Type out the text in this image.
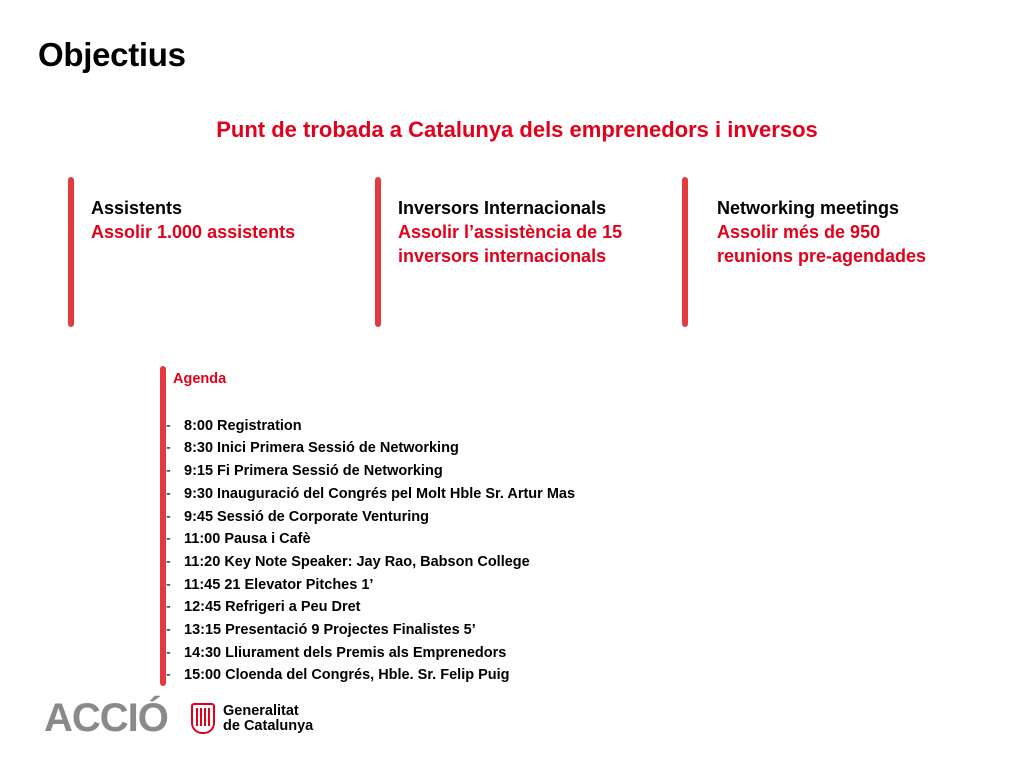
Objectius
Punt de trobada a Catalunya dels emprenedors i inversos
Assistents
Assolir 1.000 assistents
Inversors Internacionals
Assolir l’assistència de 15
inversors internacionals
Networking meetings
Assolir més de 950
reunions pre-agendades
Agenda
- 8:00 Registration
- 8:30 Inici Primera Sessió de Networking
- 9:15 Fi Primera Sessió de Networking
- 9:30 Inauguració del Congrés pel Molt Hble Sr. Artur Mas
- 9:45 Sessió de Corporate Venturing
- 11:00 Pausa i Cafè
- 11:20 Key Note Speaker: Jay Rao, Babson College
- 11:45 21 Elevator Pitches 1’
- 12:45 Refrigeri a Peu Dret
- 13:15 Presentació 9 Projectes Finalistes 5’
- 14:30 Lliurament dels Premis als Emprenedors
- 15:00 Cloenda del Congrés, Hble. Sr. Felip Puig
ACCIÓ	Generalitat
de Catalunya
